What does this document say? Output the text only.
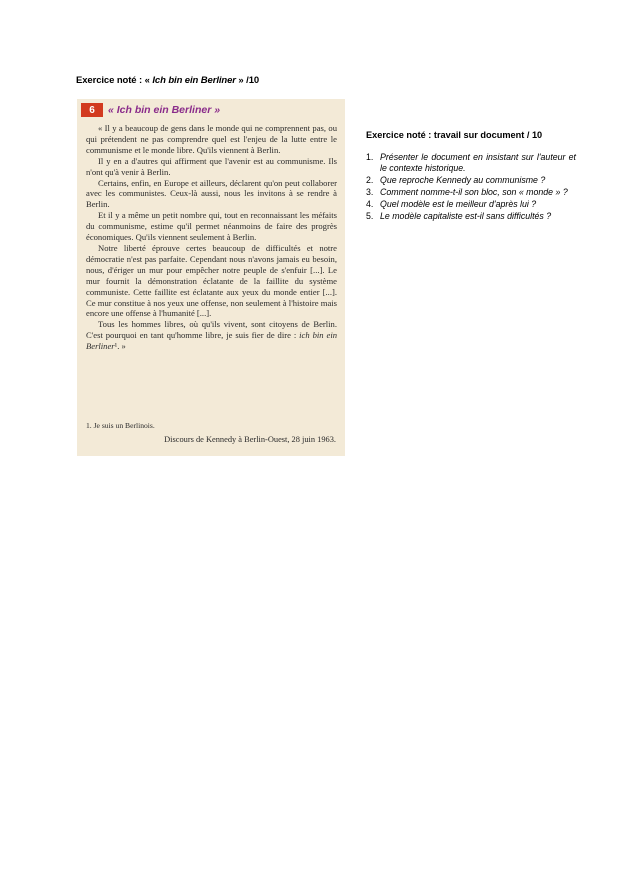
Exercice noté : « Ich bin ein Berliner » /10
6	« Ich bin ein Berliner »

« Il y a beaucoup de gens dans le monde qui ne comprennent pas, ou qui prétendent ne pas comprendre quel est l'enjeu de la lutte entre le communisme et le monde libre. Qu'ils viennent à Berlin.

Il y en a d'autres qui affirment que l'avenir est au communisme. Ils n'ont qu'à venir à Berlin.

Certains, enfin, en Europe et ailleurs, déclarent qu'on peut collaborer avec les communistes. Ceux-là aussi, nous les invitons à se rendre à Berlin.

Et il y a même un petit nombre qui, tout en reconnaissant les méfaits du communisme, estime qu'il permet néanmoins de faire des progrès économiques. Qu'ils viennent seulement à Berlin.

Notre liberté éprouve certes beaucoup de difficultés et notre démocratie n'est pas parfaite. Cependant nous n'avons jamais eu besoin, nous, d'ériger un mur pour empêcher notre peuple de s'enfuir [...]. Le mur fournit la démonstration éclatante de la faillite du système communiste. Cette faillite est éclatante aux yeux du monde entier [...]. Ce mur constitue à nos yeux une offense, non seulement à l'histoire mais encore une offense à l'humanité [...].

Tous les hommes libres, où qu'ils vivent, sont citoyens de Berlin. C'est pourquoi en tant qu'homme libre, je suis fier de dire : ich bin ein Berliner¹. »

1. Je suis un Berlinois.
Discours de Kennedy à Berlin-Ouest, 28 juin 1963.
Exercice noté : travail sur document / 10
1. Présenter le document en insistant sur l'auteur et le contexte historique.
2. Que reproche Kennedy au communisme ?
3. Comment nomme-t-il son bloc, son « monde » ?
4. Quel modèle est le meilleur d'après lui ?
5. Le modèle capitaliste est-il sans difficultés ?
